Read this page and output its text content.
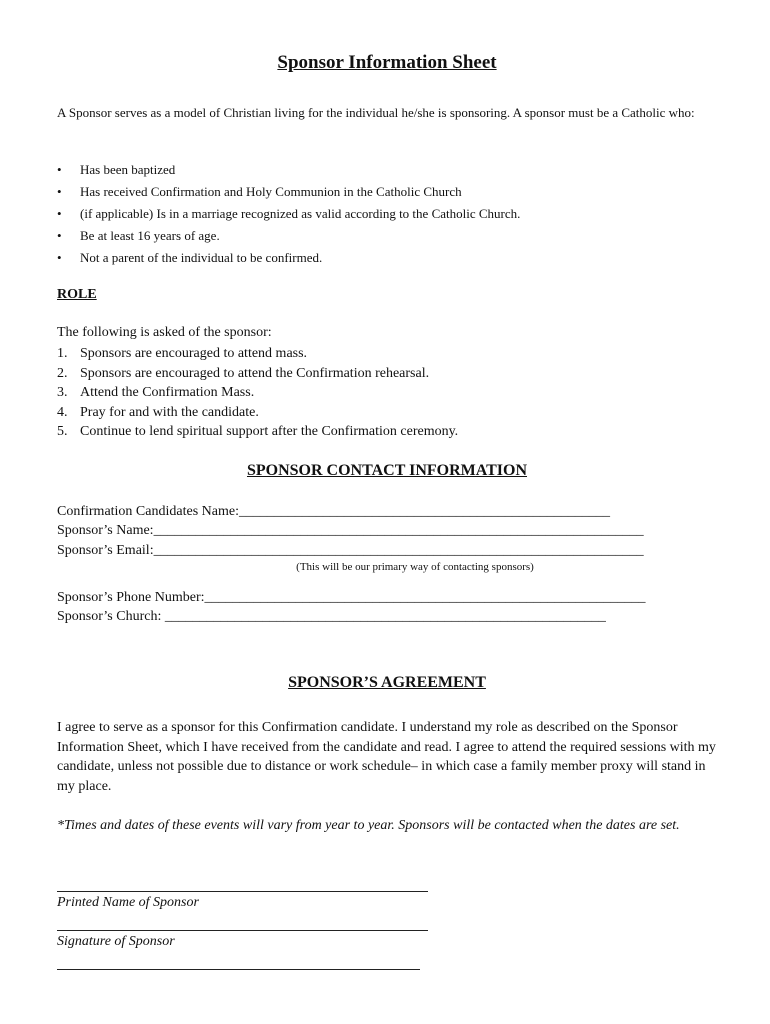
Sponsor Information Sheet
A Sponsor serves as a model of Christian living for the individual he/she is sponsoring. A sponsor must be a Catholic who:
• Has been baptized
• Has received Confirmation and Holy Communion in the Catholic Church
• (if applicable) Is in a marriage recognized as valid according to the Catholic Church.
• Be at least 16 years of age.
• Not a parent of the individual to be confirmed.
ROLE
The following is asked of the sponsor:
1. Sponsors are encouraged to attend mass.
2. Sponsors are encouraged to attend the Confirmation rehearsal.
3. Attend the Confirmation Mass.
4. Pray for and with the candidate.
5. Continue to lend spiritual support after the Confirmation ceremony.
SPONSOR CONTACT INFORMATION
Confirmation Candidates Name:_____________________________________________________
Sponsor’s Name:______________________________________________________________________
Sponsor’s Email:______________________________________________________________________
(This will be our primary way of contacting sponsors)
Sponsor’s Phone Number:_______________________________________________________________
Sponsor’s Church: _______________________________________________________________
SPONSOR’S AGREEMENT
I agree to serve as a sponsor for this Confirmation candidate. I understand my role as described on the Sponsor Information Sheet, which I have received from the candidate and read. I agree to attend the required sessions with my candidate, unless not possible due to distance or work schedule– in which case a family member proxy will stand in my place.
*Times and dates of these events will vary from year to year. Sponsors will be contacted when the dates are set.
Printed Name of Sponsor
Signature of Sponsor
